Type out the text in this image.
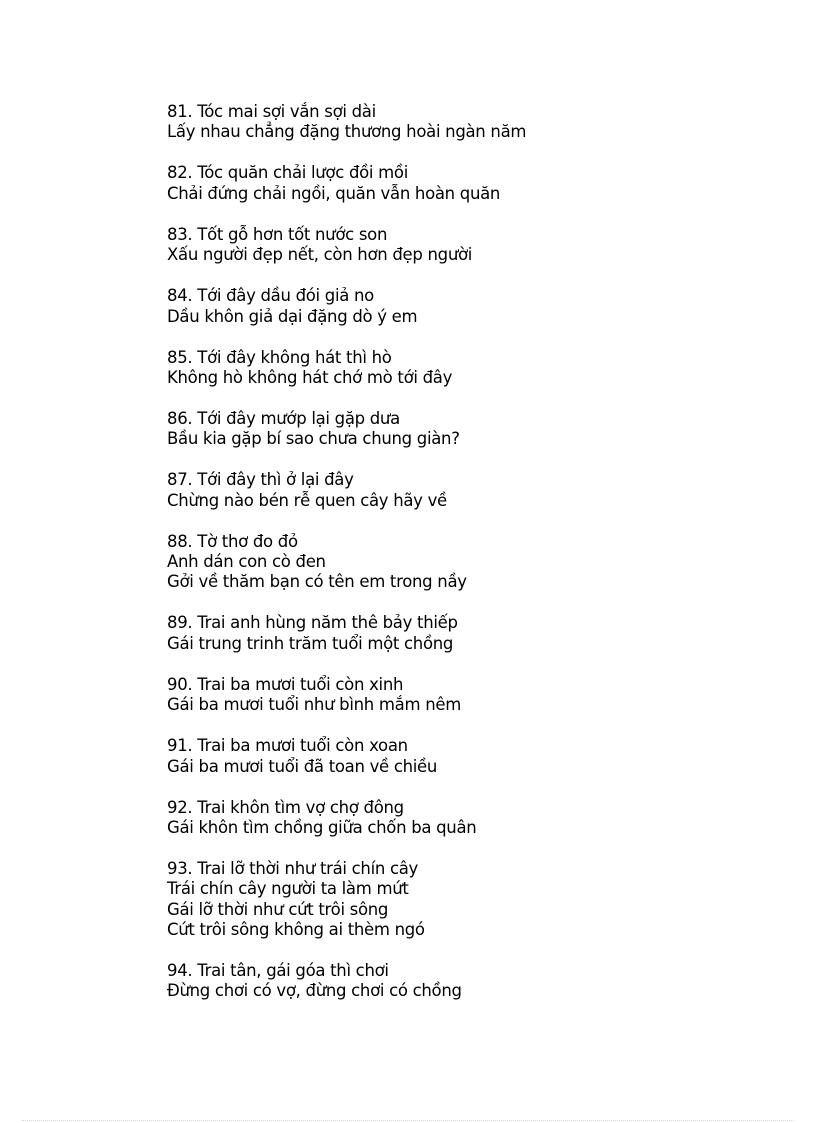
81. Tóc mai sợi vắn sợi dài
Lấy nhau chẳng đặng thương hoài ngàn năm
82. Tóc quăn chải lược đồi mồi
Chải đứng chải ngồi, quăn vẫn hoàn quăn
83. Tốt gỗ hơn tốt nước son
Xấu người đẹp nết, còn hơn đẹp người
84. Tới đây dầu đói giả no
Dầu khôn giả dại đặng dò ý em
85. Tới đây không hát thì hò
Không hò không hát chớ mò tới đây
86. Tới đây mướp lại gặp dưa
Bầu kia gặp bí sao chưa chung giàn?
87. Tới đây thì ở lại đây
Chừng nào bén rễ quen cây hãy về
88. Tờ thơ đo đỏ
Anh dán con cò đen
Gởi về thăm bạn có tên em trong nầy
89. Trai anh hùng năm thê bảy thiếp
Gái trung trinh trăm tuổi một chồng
90. Trai ba mươi tuổi còn xinh
Gái ba mươi tuổi như bình mắm nêm
91. Trai ba mươi tuổi còn xoan
Gái ba mươi tuổi đã toan về chiều
92. Trai khôn tìm vợ chợ đông
Gái khôn tìm chồng giữa chốn ba quân
93. Trai lỡ thời như trái chín cây
Trái chín cây người ta làm mứt
Gái lỡ thời như cứt trôi sông
Cứt trôi sông không ai thèm ngó
94. Trai tân, gái góa thì chơi
Đừng chơi có vợ, đừng chơi có chồng
